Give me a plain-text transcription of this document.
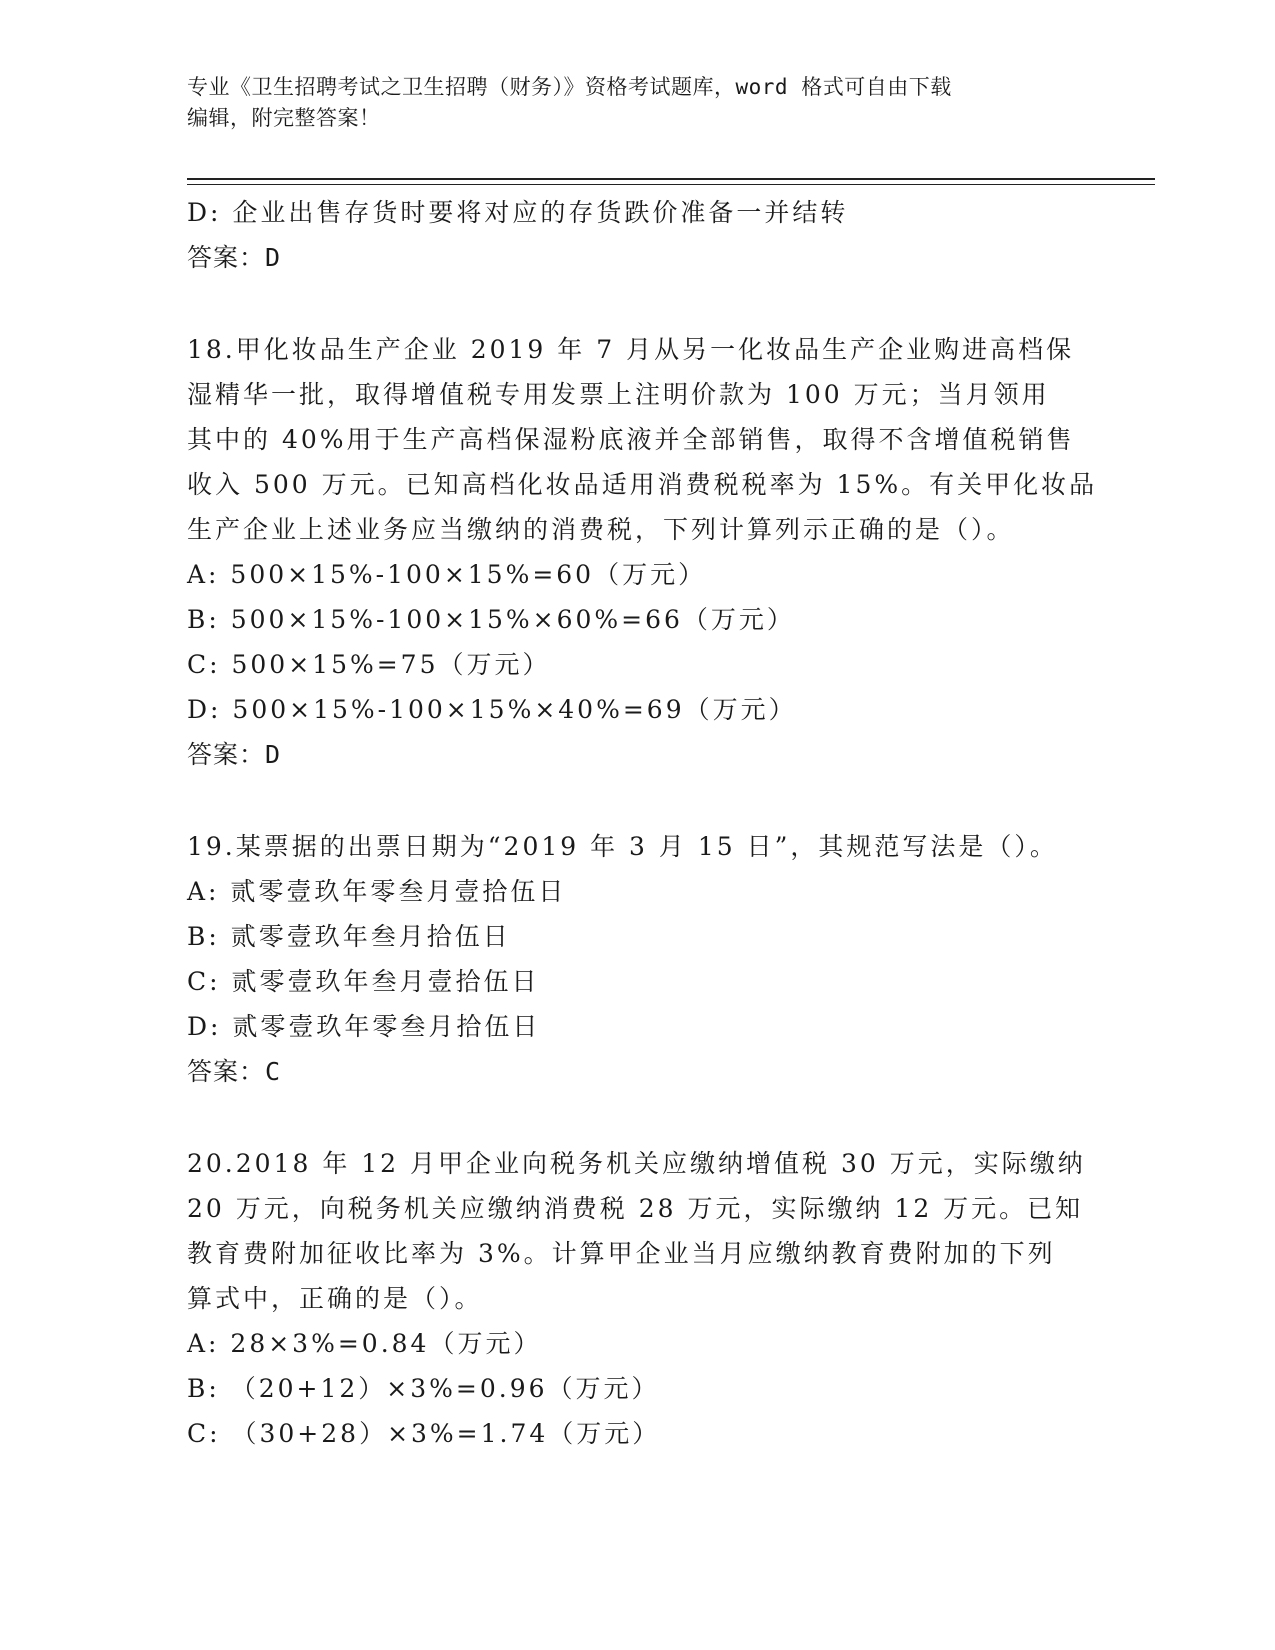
专业《卫生招聘考试之卫生招聘（财务）》资格考试题库，word 格式可自由下载
编辑，附完整答案！
D: 企业出售存货时要将对应的存货跌价准备一并结转
答案：D
18.甲化妆品生产企业 2019 年 7 月从另一化妆品生产企业购进高档保
湿精华一批，取得增值税专用发票上注明价款为 100 万元；当月领用
其中的 40%用于生产高档保湿粉底液并全部销售，取得不含增值税销售
收入 500 万元。已知高档化妆品适用消费税税率为 15%。有关甲化妆品
生产企业上述业务应当缴纳的消费税，下列计算列示正确的是（）。
A: 500×15%-100×15%=60（万元）
B: 500×15%-100×15%×60%=66（万元）
C: 500×15%=75（万元）
D: 500×15%-100×15%×40%=69（万元）
答案：D
19.某票据的出票日期为“2019 年 3 月 15 日”，其规范写法是（）。
A: 贰零壹玖年零叁月壹拾伍日
B: 贰零壹玖年叁月拾伍日
C: 贰零壹玖年叁月壹拾伍日
D: 贰零壹玖年零叁月拾伍日
答案：C
20.2018 年 12 月甲企业向税务机关应缴纳增值税 30 万元，实际缴纳
20 万元，向税务机关应缴纳消费税 28 万元，实际缴纳 12 万元。已知
教育费附加征收比率为 3%。计算甲企业当月应缴纳教育费附加的下列
算式中，正确的是（）。
A: 28×3%=0.84（万元）
B: （20+12）×3%=0.96（万元）
C: （30+28）×3%=1.74（万元）
